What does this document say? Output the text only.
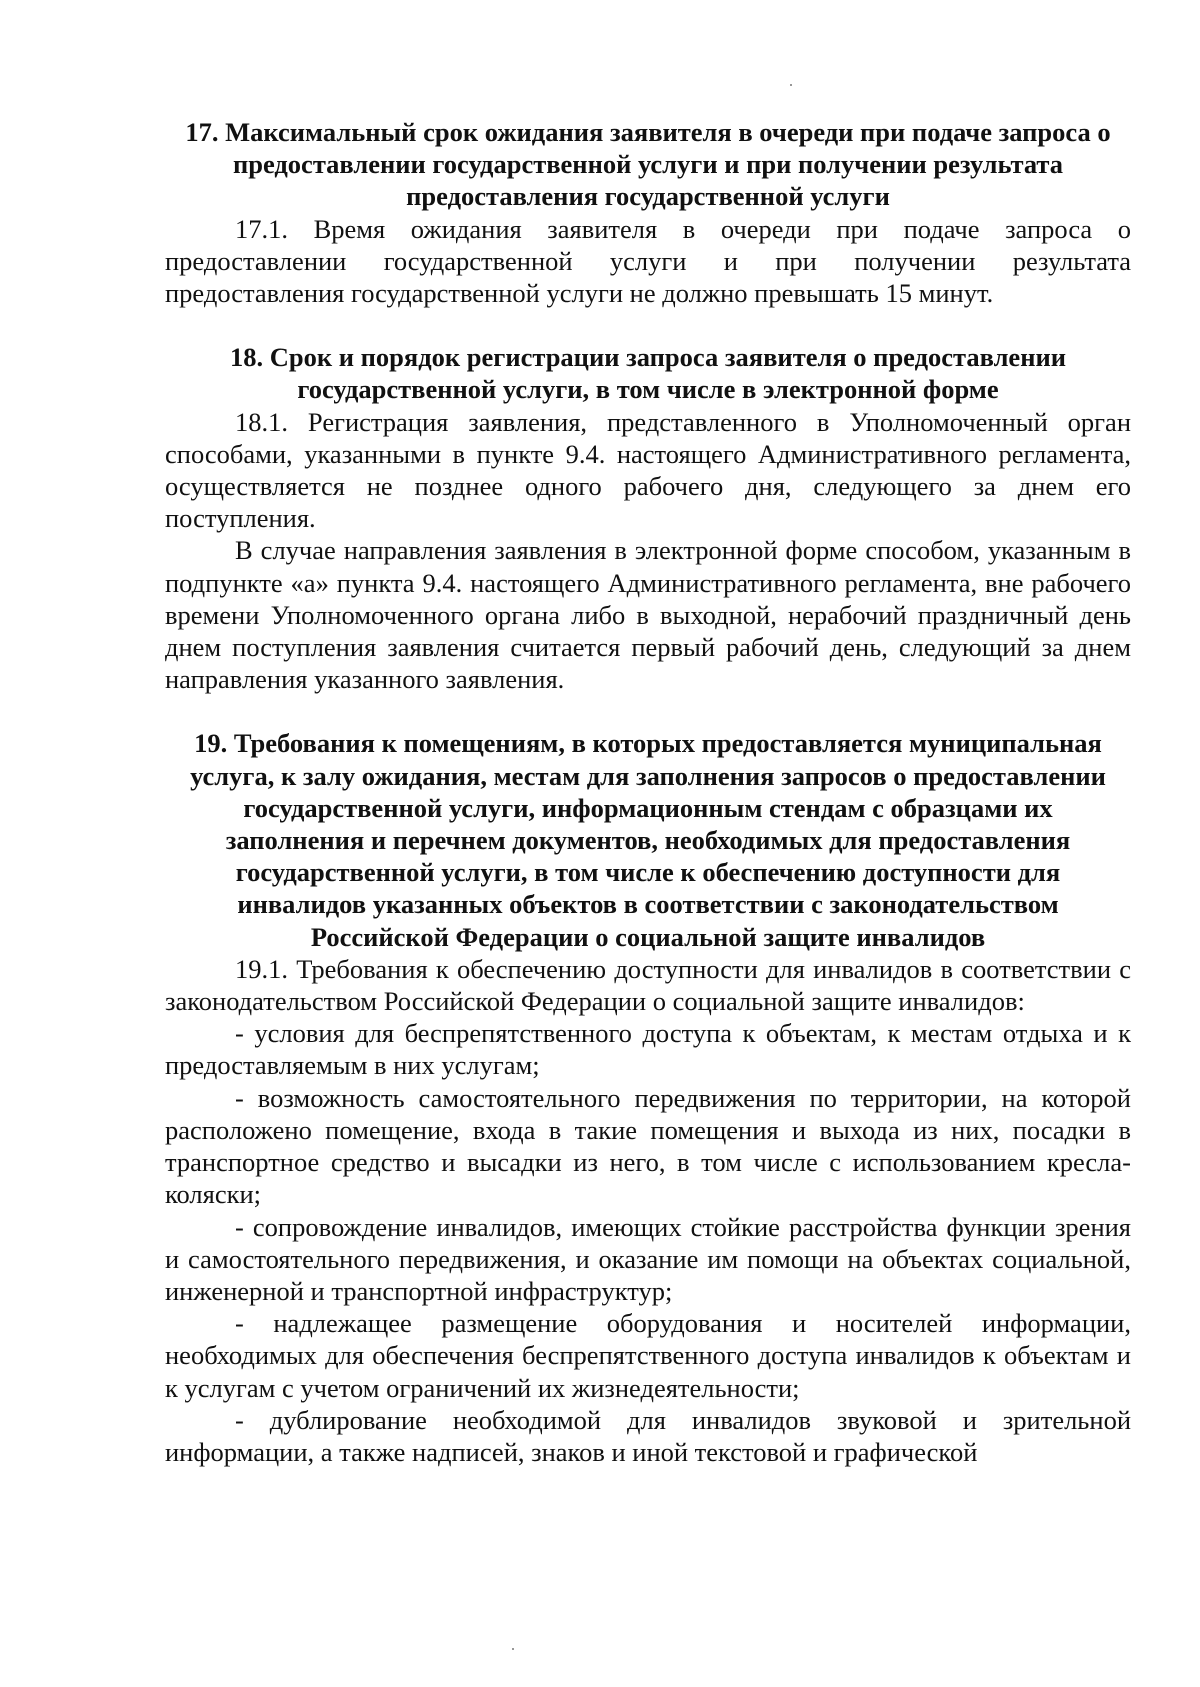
17. Максимальный срок ожидания заявителя в очереди при подаче запроса о предоставлении государственной услуги и при получении результата предоставления государственной услуги

17.1. Время ожидания заявителя в очереди при подаче запроса о предоставлении государственной услуги и при получении результата предоставления государственной услуги не должно превышать 15 минут.

18. Срок и порядок регистрации запроса заявителя о предоставлении государственной услуги, в том числе в электронной форме

18.1. Регистрация заявления, представленного в Уполномоченный орган способами, указанными в пункте 9.4. настоящего Административного регламента, осуществляется не позднее одного рабочего дня, следующего за днем его поступления.

В случае направления заявления в электронной форме способом, указанным в подпункте «а» пункта 9.4. настоящего Административного регламента, вне рабочего времени Уполномоченного органа либо в выходной, нерабочий праздничный день днем поступления заявления считается первый рабочий день, следующий за днем направления указанного заявления.

19. Требования к помещениям, в которых предоставляется муниципальная услуга, к залу ожидания, местам для заполнения запросов о предоставлении государственной услуги, информационным стендам с образцами их заполнения и перечнем документов, необходимых для предоставления государственной услуги, в том числе к обеспечению доступности для инвалидов указанных объектов в соответствии с законодательством Российской Федерации о социальной защите инвалидов

19.1. Требования к обеспечению доступности для инвалидов в соответствии с законодательством Российской Федерации о социальной защите инвалидов:

- условия для беспрепятственного доступа к объектам, к местам отдыха и к предоставляемым в них услугам;

- возможность самостоятельного передвижения по территории, на которой расположено помещение, входа в такие помещения и выхода из них, посадки в транспортное средство и высадки из него, в том числе с использованием кресла- коляски;

- сопровождение инвалидов, имеющих стойкие расстройства функции зрения и самостоятельного передвижения, и оказание им помощи на объектах социальной, инженерной и транспортной инфраструктур;

- надлежащее размещение оборудования и носителей информации, необходимых для обеспечения беспрепятственного доступа инвалидов к объектам и к услугам с учетом ограничений их жизнедеятельности;

- дублирование необходимой для инвалидов звуковой и зрительной информации, а также надписей, знаков и иной текстовой и графической
